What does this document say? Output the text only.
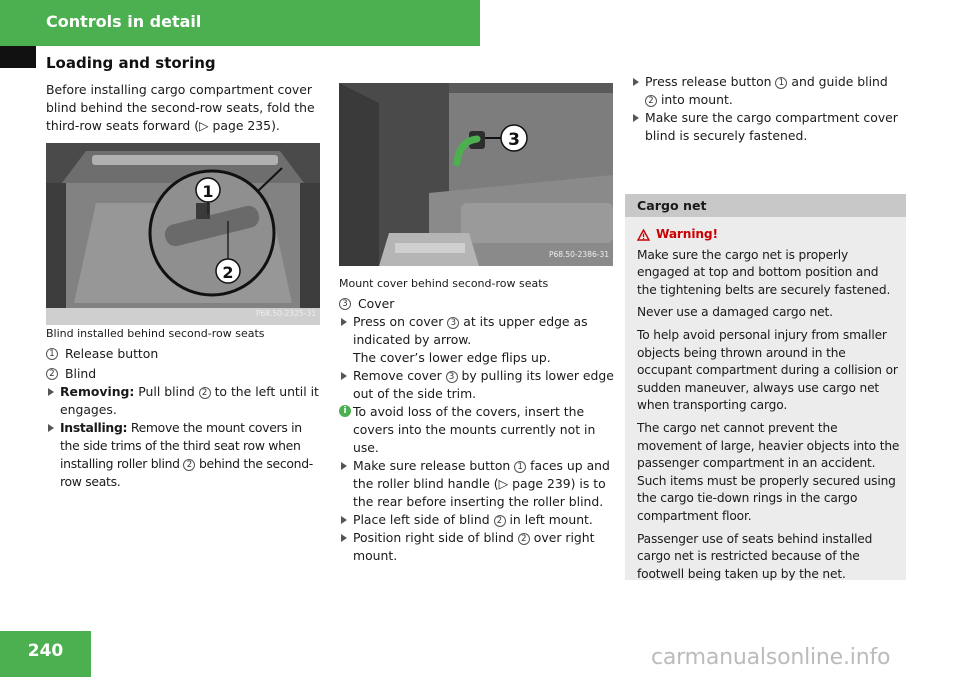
Controls in detail
Loading and storing

Before installing cargo compartment cover blind behind the second-row seats, fold the third-row seats forward (▷ page 235).

1
2
P68.50-2325-31

Blind installed behind second-row seats

1 Release button
2 Blind

Removing: Pull blind 2 to the left until it engages.

Installing: Remove the mount covers in the side trims of the third seat row when installing roller blind 2 behind the second-row seats.

3
P68.50-2386-31

Mount cover behind second-row seats

3 Cover

Press on cover 3 at its upper edge as indicated by arrow.

The cover’s lower edge flips up.

Remove cover 3 by pulling its lower edge out of the side trim.

i To avoid loss of the covers, insert the covers into the mounts currently not in use.

Make sure release button 1 faces up and the roller blind handle (▷ page 239) is to the rear before inserting the roller blind.

Place left side of blind 2 in left mount.

Position right side of blind 2 over right mount.

Press release button 1 and guide blind 2 into mount.

Make sure the cargo compartment cover blind is securely fastened.

Cargo net
Warning!

Make sure the cargo net is properly engaged at top and bottom position and the tightening belts are securely fastened.

Never use a damaged cargo net.

To help avoid personal injury from smaller objects being thrown around in the occupant compartment during a collision or sudden maneuver, always use cargo net when transporting cargo.

The cargo net cannot prevent the movement of large, heavier objects into the passenger compartment in an accident. Such items must be properly secured using the cargo tie-down rings in the cargo compartment floor.

Passenger use of seats behind installed cargo net is restricted because of the footwell being taken up by the net.

240	carmanualsonline.info
